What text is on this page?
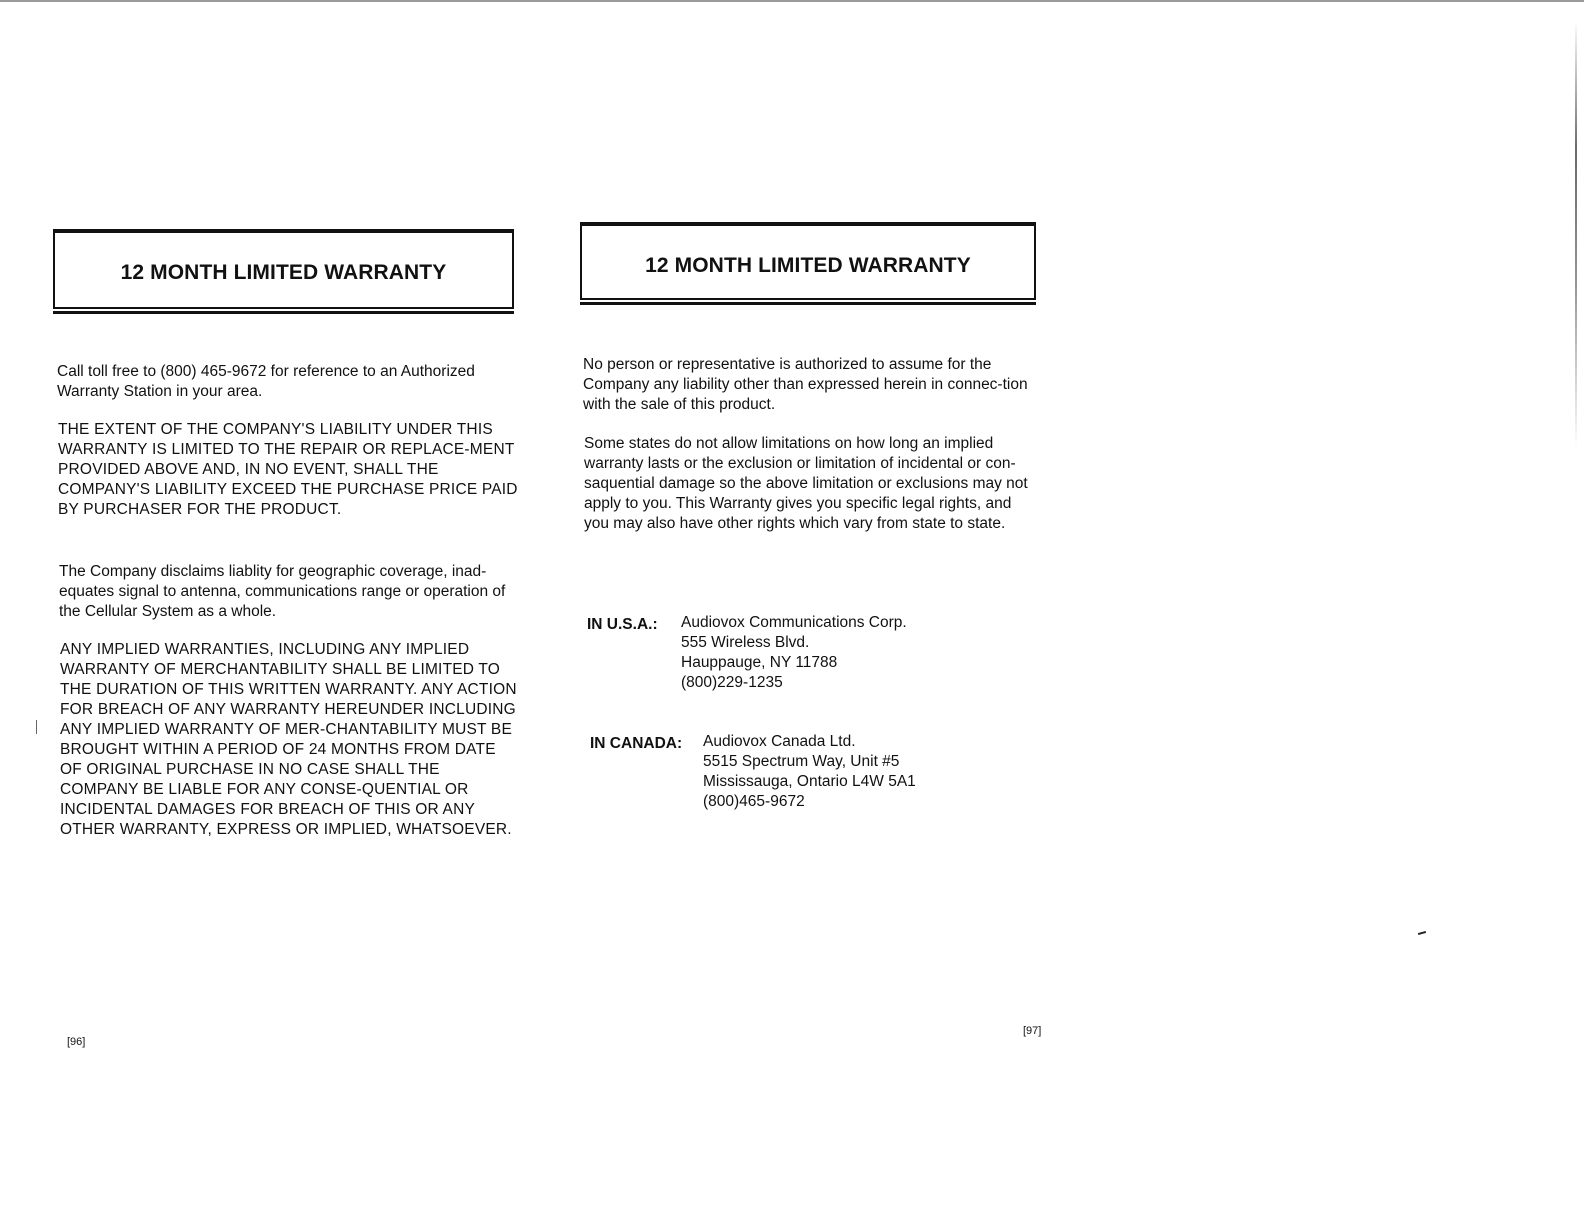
12 MONTH LIMITED WARRANTY

Call toll free to (800) 465-9672 for reference to an Authorized Warranty Station in your area.

THE EXTENT OF THE COMPANY'S LIABILITY UNDER THIS WARRANTY IS LIMITED TO THE REPAIR OR REPLACE-MENT PROVIDED ABOVE AND, IN NO EVENT, SHALL THE COMPANY'S LIABILITY EXCEED THE PURCHASE PRICE PAID BY PURCHASER FOR THE PRODUCT.

The Company disclaims liablity for geographic coverage, inad-equates signal to antenna, communications range or operation of the Cellular System as a whole.

ANY IMPLIED WARRANTIES, INCLUDING ANY IMPLIED WARRANTY OF MERCHANTABILITY SHALL BE LIMITED TO THE DURATION OF THIS WRITTEN WARRANTY. ANY ACTION FOR BREACH OF ANY WARRANTY HEREUNDER INCLUDING ANY IMPLIED WARRANTY OF MER-CHANTABILITY MUST BE BROUGHT WITHIN A PERIOD OF 24 MONTHS FROM DATE OF ORIGINAL PURCHASE IN NO CASE SHALL THE COMPANY BE LIABLE FOR ANY CONSE-QUENTIAL OR INCIDENTAL DAMAGES FOR BREACH OF THIS OR ANY OTHER WARRANTY, EXPRESS OR IMPLIED, WHATSOEVER.

[96]
12 MONTH LIMITED WARRANTY

No person or representative is authorized to assume for the Company any liability other than expressed herein in connec-tion with the sale of this product.

Some states do not allow limitations on how long an implied warranty lasts or the exclusion or limitation of incidental or con-saquential damage so the above limitation or exclusions may not apply to you. This Warranty gives you specific legal rights, and you may also have other rights which vary from state to state.

IN U.S.A.: Audiovox Communications Corp.
555 Wireless Blvd.
Hauppauge, NY 11788
(800)229-1235
IN CANADA: Audiovox Canada Ltd.
5515 Spectrum Way, Unit #5
Mississauga, Ontario L4W 5A1
(800)465-9672
[97]
